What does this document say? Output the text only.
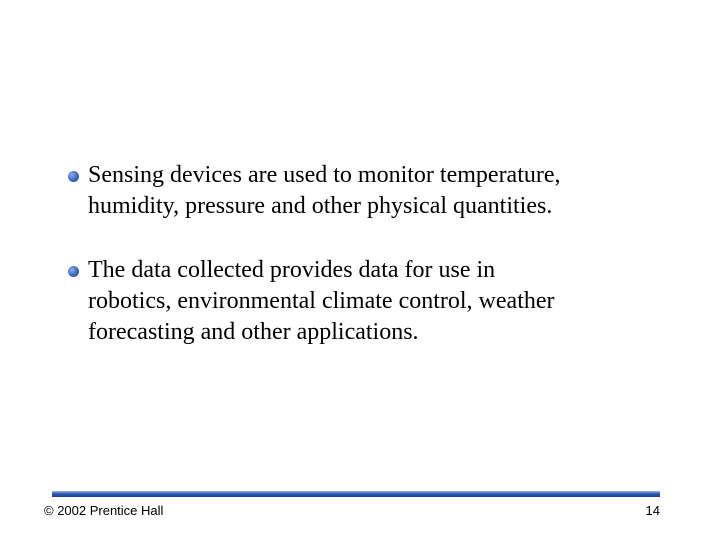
Sensing devices are used to monitor temperature,
humidity, pressure and other physical quantities.

The data collected provides data for use in
robotics, environmental climate control, weather
forecasting and other applications.

© 2002 Prentice Hall	14
